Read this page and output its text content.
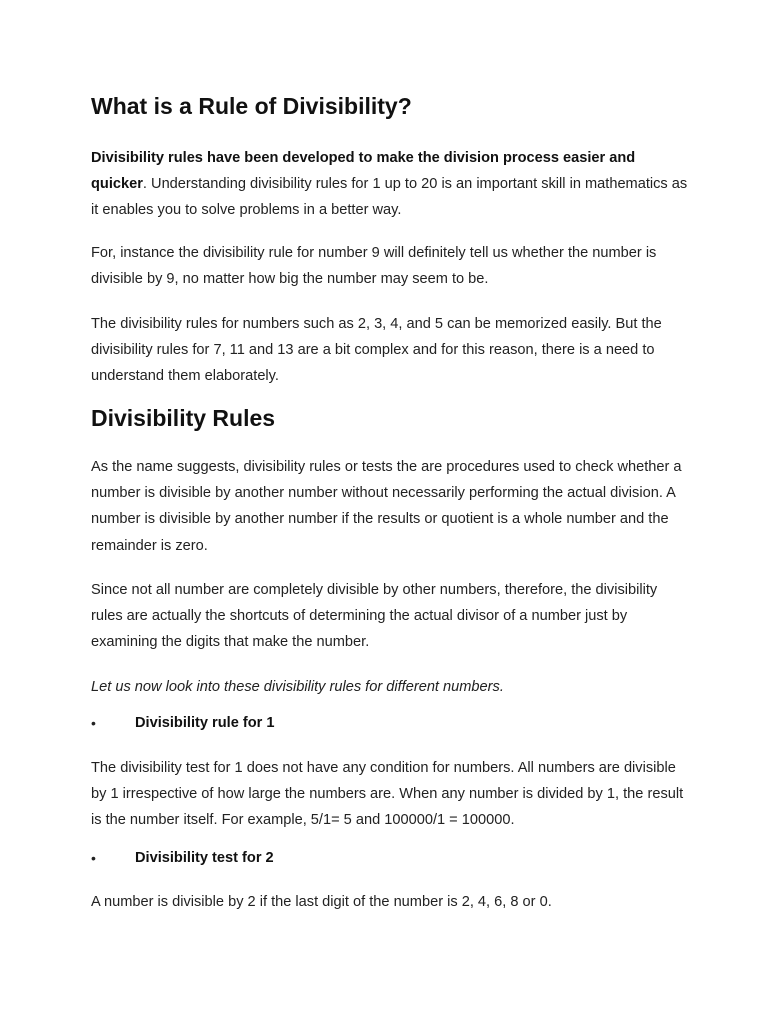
What is a Rule of Divisibility?

Divisibility rules have been developed to make the division process easier and quicker. Understanding divisibility rules for 1 up to 20 is an important skill in mathematics as it enables you to solve problems in a better way.

For, instance the divisibility rule for number 9 will definitely tell us whether the number is divisible by 9, no matter how big the number may seem to be.

The divisibility rules for numbers such as 2, 3, 4, and 5 can be memorized easily. But the divisibility rules for 7, 11 and 13 are a bit complex and for this reason, there is a need to understand them elaborately.

Divisibility Rules

As the name suggests, divisibility rules or tests the are procedures used to check whether a number is divisible by another number without necessarily performing the actual division. A number is divisible by another number if the results or quotient is a whole number and the remainder is zero.

Since not all number are completely divisible by other numbers, therefore, the divisibility rules are actually the shortcuts of determining the actual divisor of a number just by examining the digits that make the number.

Let us now look into these divisibility rules for different numbers.

•	Divisibility rule for 1

The divisibility test for 1 does not have any condition for numbers. All numbers are divisible by 1 irrespective of how large the numbers are. When any number is divided by 1, the result is the number itself. For example, 5/1= 5 and 100000/1 = 100000.

•	Divisibility test for 2

A number is divisible by 2 if the last digit of the number is 2, 4, 6, 8 or 0.
